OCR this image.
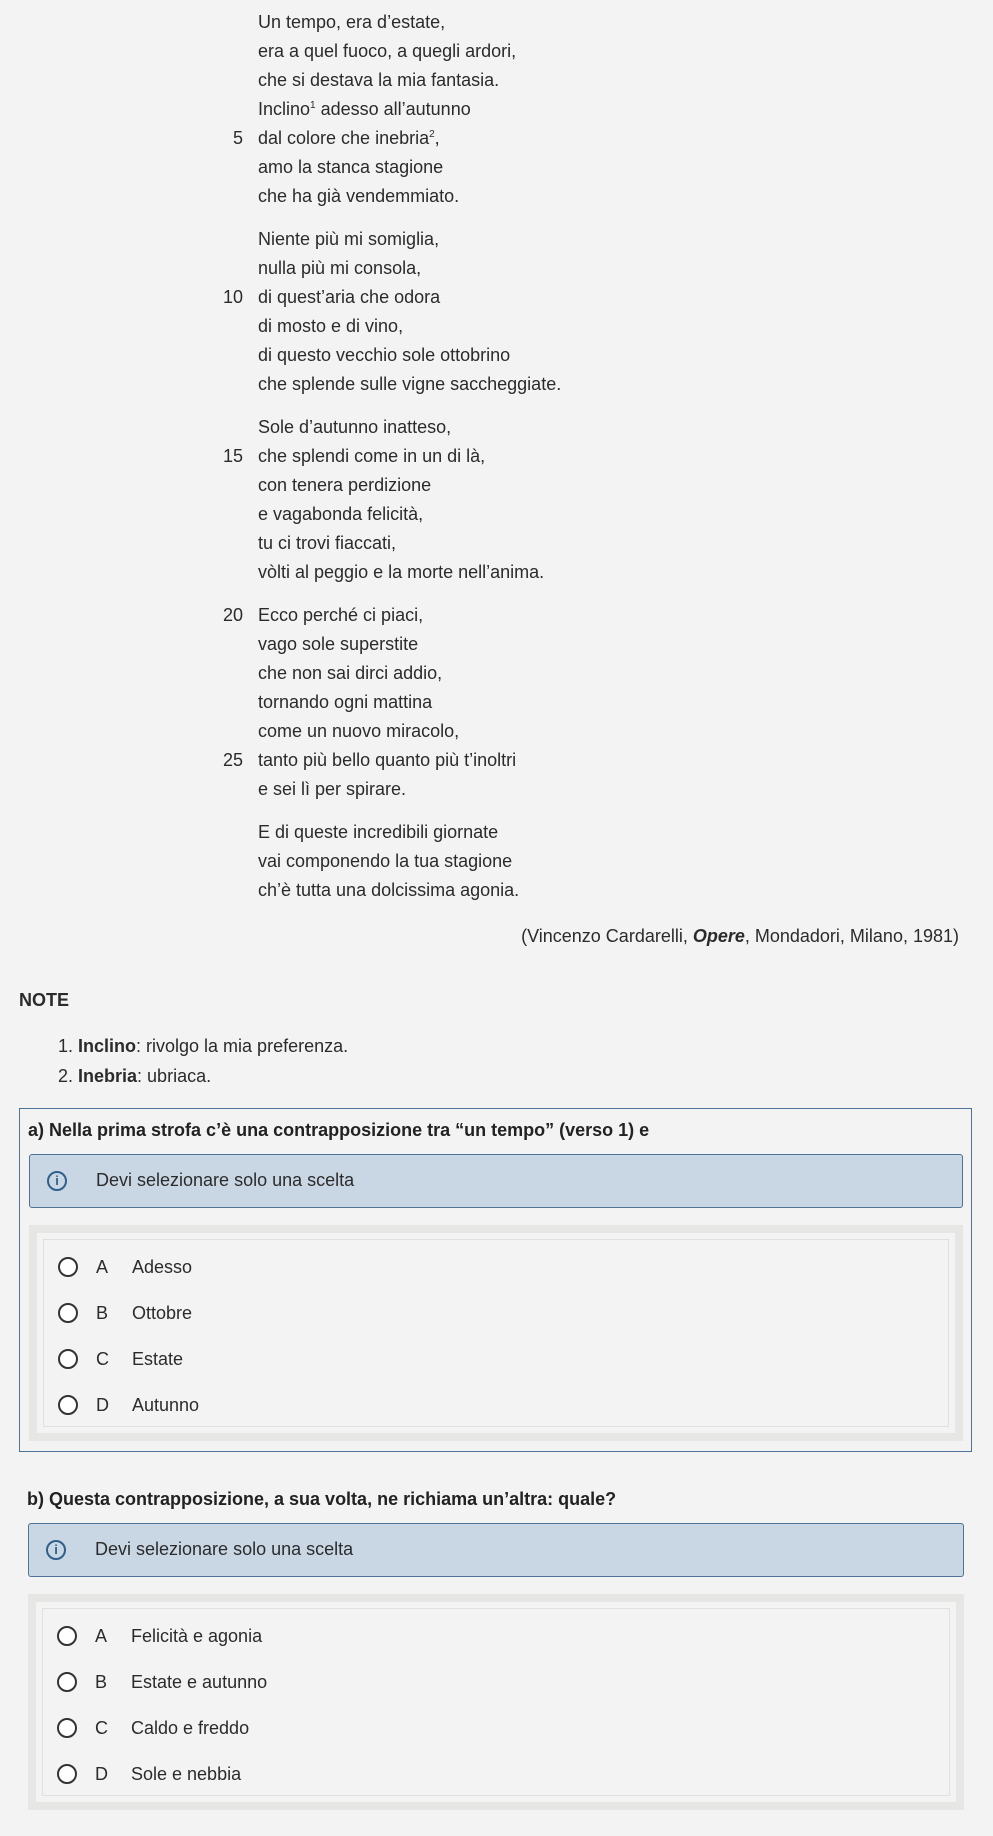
Un tempo, era d’estate,
era a quel fuoco, a quegli ardori,
che si destava la mia fantasia.
Inclino$^1$ adesso all’autunno
5 dal colore che inebria$^2$,
amo la stanca stagione
che ha già vendemmiato.
Niente più mi somiglia,
nulla più mi consola,
10 di quest’aria che odora
di mosto e di vino,
di questo vecchio sole ottobrino
che splende sulle vigne saccheggiate.
Sole d’autunno inatteso,
15 che splendi come in un di là,
con tenera perdizione
e vagabonda felicità,
tu ci trovi fiaccati,
vòlti al peggio e la morte nell’anima.
20 Ecco perché ci piaci,
vago sole superstite
che non sai dirci addio,
tornando ogni mattina
come un nuovo miracolo,
25 tanto più bello quanto più t’inoltri
e sei lì per spirare.
E di queste incredibili giornate
vai componendo la tua stagione
ch’è tutta una dolcissima agonia.
(Vincenzo Cardarelli, Opere, Mondadori, Milano, 1981)
NOTE
1. Inclino: rivolgo la mia preferenza.
2. Inebria: ubriaca.
a) Nella prima strofa c’è una contrapposizione tra “un tempo” (verso 1) e
i	Devi selezionare solo una scelta
A Adesso
B Ottobre
C Estate
D Autunno
b) Questa contrapposizione, a sua volta, ne richiama un’altra: quale?
i	Devi selezionare solo una scelta
A Felicità e agonia
B Estate e autunno
C Caldo e freddo
D Sole e nebbia
